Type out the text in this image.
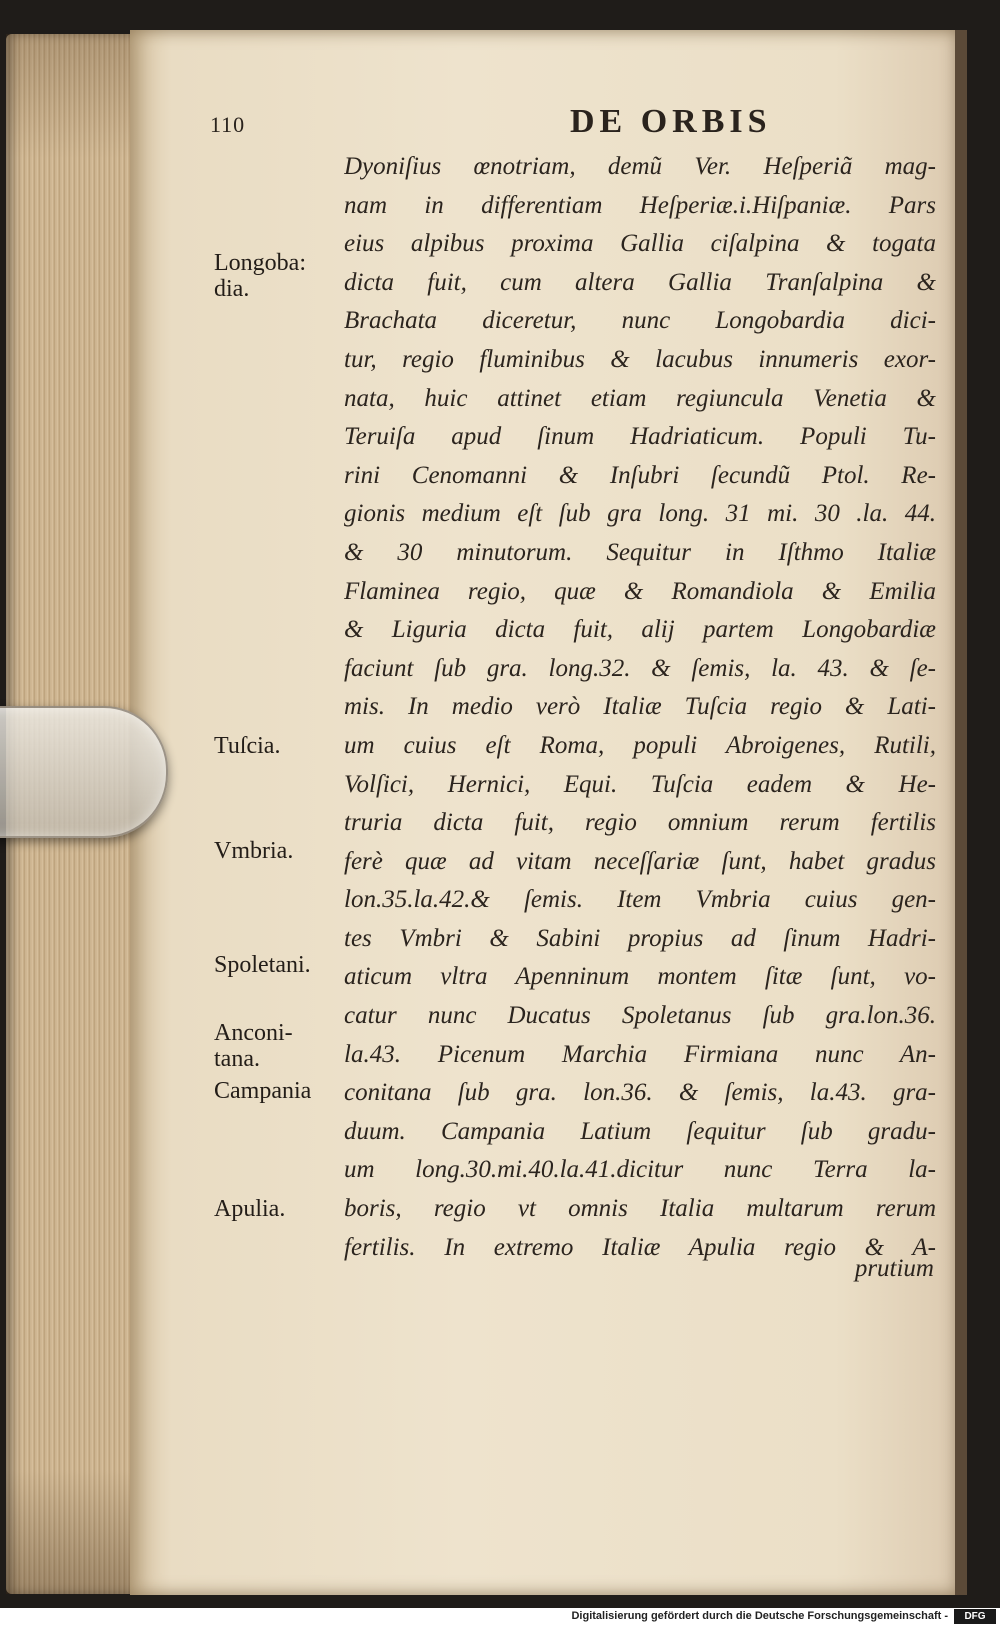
110	DE ORBIS
Longoba:
dia.
Tuſcia.
Vmbria.
Spoletani.
Anconi-
tana.
Campania
Apulia.
Dyoniſius œnotriam, demũ Ver. Heſperiã mag-
nam in differentiam Heſperiæ.i.Hiſpaniæ. Pars
eius alpibus proxima Gallia ciſalpina & togata
dicta fuit, cum altera Gallia Tranſalpina &
Brachata diceretur, nunc Longobardia dici-
tur, regio fluminibus & lacubus innumeris exor-
nata, huic attinet etiam regiuncula Venetia &
Teruiſa apud ſinum Hadriaticum. Populi Tu-
rini Cenomanni & Inſubri ſecundũ Ptol. Re-
gionis medium eſt ſub gra long. 31 mi. 30 .la. 44.
& 30 minutorum. Sequitur in Iſthmo Italiæ
Flaminea regio, quæ & Romandiola & Emilia
& Liguria dicta fuit, alij partem Longobardiæ
faciunt ſub gra. long.32. & ſemis, la. 43. & ſe-
mis. In medio verò Italiæ Tuſcia regio & Lati-
um cuius eſt Roma, populi Abroigenes, Rutili,
Volſici, Hernici, Equi. Tuſcia eadem & He-
truria dicta fuit, regio omnium rerum fertilis
ferè quæ ad vitam neceſſariæ ſunt, habet gradus
lon.35.la.42.& ſemis. Item Vmbria cuius gen-
tes Vmbri & Sabini propius ad ſinum Hadri-
aticum vltra Apenninum montem ſitæ ſunt, vo-
catur nunc Ducatus Spoletanus ſub gra.lon.36.
la.43. Picenum Marchia Firmiana nunc An-
conitana ſub gra. lon.36. & ſemis, la.43. gra-
duum. Campania Latium ſequitur ſub gradu-
um long.30.mi.40.la.41.dicitur nunc Terra la-
boris, regio vt omnis Italia multarum rerum
fertilis. In extremo Italiæ Apulia regio & A-
prutium
Digitalisierung gefördert durch die Deutsche Forschungsgemeinschaft -	DFG
